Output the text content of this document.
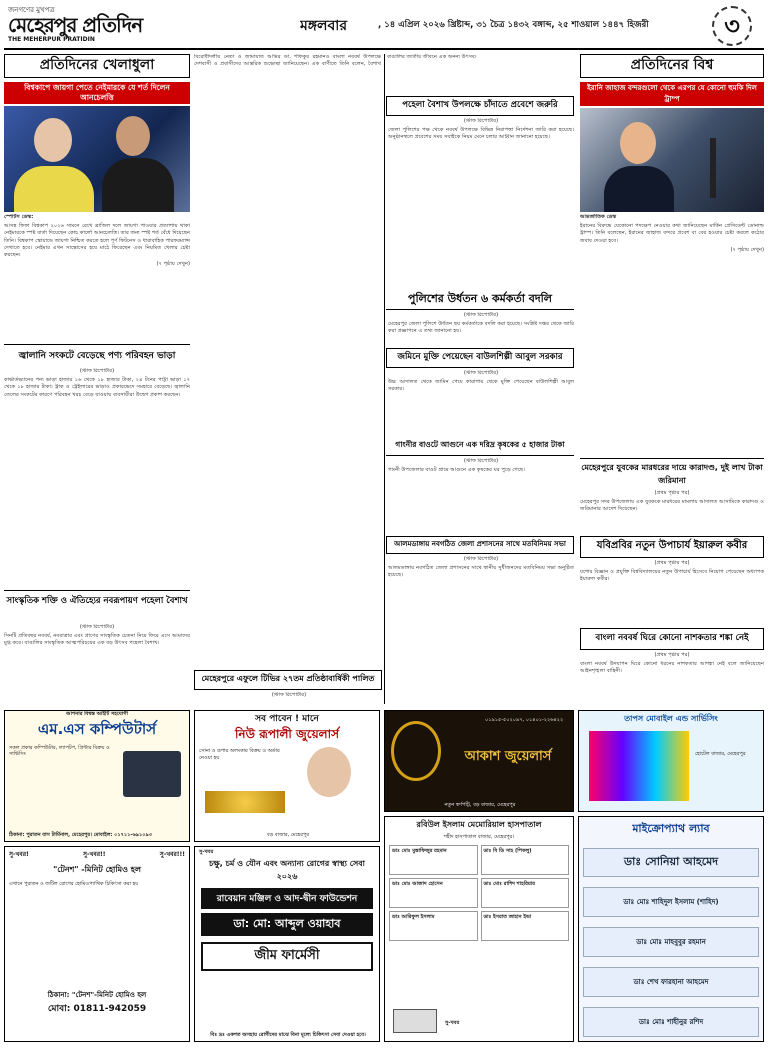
জনগণের মুখপত্র
মেহেরপুর প্রতিদিন
THE MEHERPUR PRATIDIN
মঙ্গলবার	, ১৪ এপ্রিল ২০২৬ খ্রিষ্টাব্দ, ৩১ চৈত্র ১৪৩২ বঙ্গাব্দ, ২৫ শাওয়াল ১৪৪৭ হিজরী	৩
প্রতিদিনের খেলাধুলা
বিশ্বকাপে জায়গা পেতে নেইমারকে যে শর্ত দিলেন আনচেলত্তি

স্পোর্টস ডেস্ক:

আসন্ন ফিফা বিশ্বকাপ ২০২৬ সামনে রেখে ব্রাজিল দলে জায়গা পাওয়ার প্রত্যাশায় থাকা নেইমারকে স্পষ্ট বার্তা দিয়েছেন কোচ কার্লো আনচেলত্তি। তার জন্য স্পষ্ট শর্ত বেঁধে দিয়েছেন তিনি। বিশ্বকাপ স্কোয়াডে জায়গা নিশ্চিত করতে হলে পূর্ণ ফিটনেস ও ধারাবাহিক পারফরম্যান্স দেখাতে হবে। নেইমার এখন সান্তোসের হয়ে মাঠে ফিরেছেন এবং নিয়মিত খেলার চেষ্টা করছেন।

(৭ পৃষ্ঠায় দেখুন)

জ্বালানি সংকটে বেড়েছে পণ্য পরিবহন ভাড়া

(স্টাফ রিপোর্টার)

কার্ভার্ডভ্যানের পন্য ভাড়া হাজার ১৬ থেকে ১৮ হাজার টাকা, ২৪ টনের পাট্টা ভাড়া ১৭ থেকে ১৮ হাজার টাকা। ট্রাক ও ট্রেইলারের ভাড়াও প্রকারভেদে সমহারে বেড়েছে। জ্বালানি তেলের সংকটের কারণে পরিবহন খরচ বেড়ে যাওয়ায় ব্যবসায়ীরা উদ্বেগ প্রকাশ করছেন।

সাংস্কৃতিক শক্তি ও ঐতিহ্যের নবরূপায়ণ পহেলা বৈশাখ

(স্টাফ রিপোর্টার)

সিনটি প্রতিবছর নববর্ষ, নবযাত্রার এবং প্রাণের সাংস্কৃতিক চেতনা নিয়ে ফিরে এসে আমাদের মুগ্ধ করে। বাঙালির সাংস্কৃতিক আত্মপরিচয়ের এক বড় উৎসব পহেলা বৈশাখ।

বিরোধীদলীয় নেতা ও জামায়াত আমির ডা. শফিকুর রহমানও বাংলা নববর্ষ উপলক্ষে দেশবাসী ও প্রবাসীদের আন্তরিক শুভেচ্ছা জানিয়েছেন। এক বাণীতে তিনি বলেন, বৈশাখ বাঙালির জাতীয় জীবনে এক অনন্য উৎসব।

পহেলা বৈশাখ উপলক্ষে চাঁদাতে প্রবেশে জরুরি

(স্টাফ রিপোর্টার)

জেলা পুলিশের পক্ষ থেকে নববর্ষ উপলক্ষে বিভিন্ন নিরাপত্তা নির্দেশনা জারি করা হয়েছে। অনুষ্ঠানস্থলে প্রবেশের সময় সবাইকে নিয়ম মেনে চলার আহ্বান জানানো হয়েছে।

পুলিশের উর্ধতন ৬ কর্মকর্তা বদলি

(স্টাফ রিপোর্টার)

মেহেরপুর জেলা পুলিশে উর্ধতন ছয় কর্মকর্তাকে বদলি করা হয়েছে। সংশ্লিষ্ট দপ্তর থেকে জারি করা প্রজ্ঞাপনে এ তথ্য জানানো হয়।

জমিনে মুক্তি পেয়েছেন বাউলশিল্পী আবুল সরকার

(স্টাফ রিপোর্টার)

উচ্চ আদালত থেকে জামিন পেয়ে কারাগার থেকে মুক্তি পেয়েছেন বাউলশিল্পী আবুল সরকার।

গাংনীর বাওটে আগুনে এক দরিদ্র কৃষকের ৫ হাজার টাকা

(স্টাফ রিপোর্টার)

গাংনী উপজেলার বাওট গ্রামে আগুনে এক কৃষকের ঘর পুড়ে গেছে।

আলমডাঙ্গায় নবগঠিত জেলা প্রশাসনের সাথে মতবিনিময় সভা

(স্টাফ রিপোর্টার)

আলমডাঙ্গায় নবগঠিত জেলা প্রশাসনের সাথে স্থানীয় সুধীজনদের মতবিনিময় সভা অনুষ্ঠিত হয়েছে।

মেহেরপুরে এফুলে টিভির ২৭তম প্রতিষ্ঠাবার্ষিকী পালিত

(স্টাফ রিপোর্টার)

প্রতিদিনের বিশ্ব
ইরানি জাহাজ বন্দরগুলো থেকে এরপর যে কোনো হুমকি দিল ট্রাম্প

আন্তর্জাতিক ডেস্ক

ইরানের বিরুদ্ধে যেকোনো পদক্ষেপ নেওয়ার কথা জানিয়েছেন মার্কিন প্রেসিডেন্ট ডোনাল্ড ট্রাম্প। তিনি বলেছেন, ইরানের জাহাজ বন্দরে প্রবেশ বা বের হওয়ার চেষ্টা করলে কঠোর জবাব দেওয়া হবে।

(৭ পৃষ্ঠায় দেখুন)

মেহেরপুরে যুবকের মারধরের দায়ে কারাদণ্ড, দুই লাখ টাকা জরিমানা

(প্রথম পৃষ্ঠার পর)

মেহেরপুর সদর উপজেলায় এক যুবককে মারধরের মামলায় আদালত আসামিকে কারাদণ্ড ও জরিমানার আদেশ দিয়েছেন।

যবিপ্রবির নতুন উপাচার্য ইয়ারুল কবীর

(প্রথম পৃষ্ঠার পর)

যশোর বিজ্ঞান ও প্রযুক্তি বিশ্ববিদ্যালয়ের নতুন উপাচার্য হিসেবে নিয়োগ পেয়েছেন অধ্যাপক ইয়ারুল কবীর।

বাংলা নববর্ষ ঘিরে কোনো নাশকতার শঙ্কা নেই

(প্রথম পৃষ্ঠার পর)

বাংলা নববর্ষ উদযাপন ঘিরে কোনো ধরনের নাশকতার আশঙ্কা নেই বলে জানিয়েছেন আইনশৃঙ্খলা বাহিনী।

আপনার বিশ্বস্ত আইটি সহযোগী
এম.এস কম্পিউটার্স
সকল প্রকার কম্পিউটার, ল্যাপটপ, প্রিন্টার বিক্রয় ও সার্ভিসিং
ঠিকানা: পুরাতন বাস টার্মিনাল, মেহেরপুর। মোবাইল: ০১৭১১-৬৯১০৯৩
সব পাবেন ! মানে
নিউ রূপালী জুয়েলার্স
সোনা ও রূপার অলংকার বিক্রয় ও অর্ডার নেওয়া হয়
বড় বাজার, মেহেরপুর
আকাশ জুয়েলার্স
০১৯১৫-৫০২০৯৭, ০১৪০১-২২৬৪২২
নতুন স্বর্ণপট্টি, বড় বাজার, মেহেরপুর
তাপস মোবাইল এন্ড সার্ভিসিং
হোটেল বাজার, মেহেরপুর
সু-খবর!	সু-খবর!!	সু-খবর!!!
"টেনশ" -মিনিট হোমিও হল
এখানে পুরাতন ও জটিল রোগের হোমিওপ্যাথিক চিকিৎসা করা হয়
ঠিকানা: "টেনশ"-মিনিট হোমিও হল
মোবা: 01811-942059
সু-খবর
চক্ষু, চর্ম ও যৌন এবং অন্যান্য রোগের স্বাস্থ্য সেবা ২০২৬
রাবেয়ান মঞ্জিল ও আদ-দ্বীন ফাউন্ডেশন
ডা: মো: আব্দুল ওয়াহাব
জীম ফার্মেসী
বিঃ দ্রঃ একশত অসহায় রোগীদের মাঝে বিনা মূল্যে চিকিৎসা সেবা দেওয়া হবে।
রবিউল ইসলাম মেমোরিয়াল হাসপাতাল
শহীদ হাসপাতাল বাজার, মেহেরপুর।
ডাঃ মোঃ মুস্তাফিজুর রহমান	ডাঃ বি ডি সাহ (পিকলু)
ডাঃ মোঃ আজাদ হোসেন	ডাঃ মোঃ রাশিদ শাহরিয়ার
ডাঃ আরিফুল ইসলাম	ডাঃ ইসরাত জাহান ইভা
সু-খবর
মাইক্রোপ্যাথ ল্যাব
ডাঃ সোনিয়া আহমেদ
ডাঃ মোঃ শাহিদুল ইসলাম (শাহিদ)
ডাঃ মোঃ মাহবুবুর রহমান
ডাঃ শেখ ফারহানা আহমেদ
ডাঃ মোঃ শাহীনুর রশিদ
